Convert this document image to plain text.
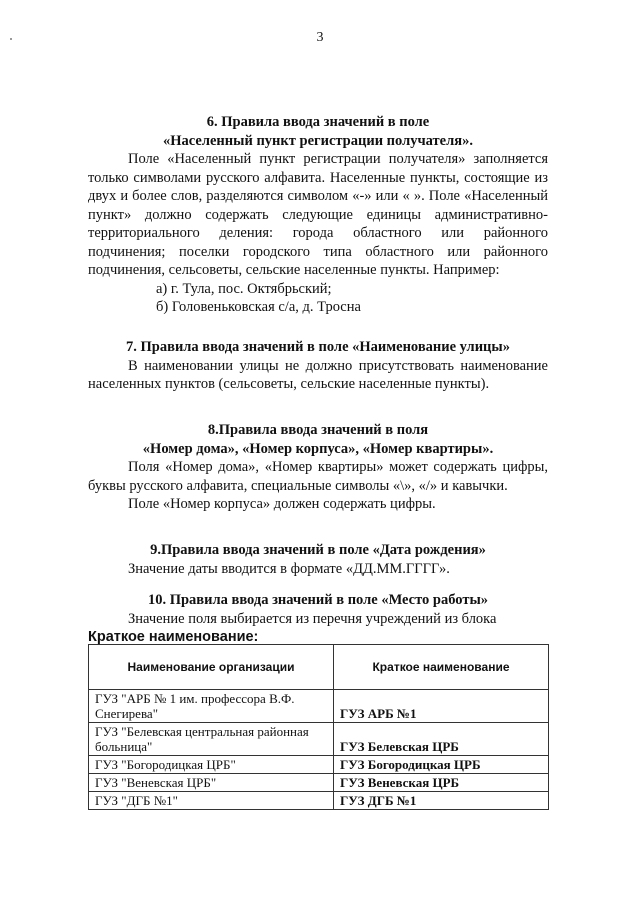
3

6. Правила ввода значений в поле

«Населенный пункт регистрации получателя».

Поле «Населенный пункт регистрации получателя» заполняется только символами русского алфавита. Населенные пункты, состоящие из двух и более слов, разделяются символом «-» или « ». Поле «Населенный пункт» должно содержать следующие единицы административно-территориального деления: города областного или районного подчинения; поселки городского типа областного или районного подчинения, сельсоветы, сельские населенные пункты. Например:

а) г. Тула, пос. Октябрьский;

б) Головеньковская с/а, д. Тросна

7. Правила ввода значений в поле «Наименование улицы»

В наименовании улицы не должно присутствовать наименование населенных пунктов (сельсоветы, сельские населенные пункты).

8.Правила ввода значений в поля

«Номер дома», «Номер корпуса», «Номер квартиры».

Поля «Номер дома», «Номер квартиры» может содержать цифры, буквы русского алфавита, специальные символы «\», «/» и кавычки.

Поле «Номер корпуса» должен содержать цифры.

9.Правила ввода значений в поле «Дата рождения»

Значение даты вводится в формате «ДД.ММ.ГГГГ».

10. Правила ввода значений в поле «Место работы»

Значение поля выбирается из перечня учреждений из блока

Краткое наименование:

Наименование организации	Краткое наименование
ГУЗ "АРБ № 1 им. профессора В.Ф. Снегирева"	ГУЗ АРБ №1
ГУЗ "Белевская центральная районная больница"	ГУЗ Белевская ЦРБ
ГУЗ "Богородицкая ЦРБ"	ГУЗ Богородицкая ЦРБ
ГУЗ "Веневская ЦРБ"	ГУЗ Веневская ЦРБ
ГУЗ "ДГБ №1"	ГУЗ ДГБ №1
